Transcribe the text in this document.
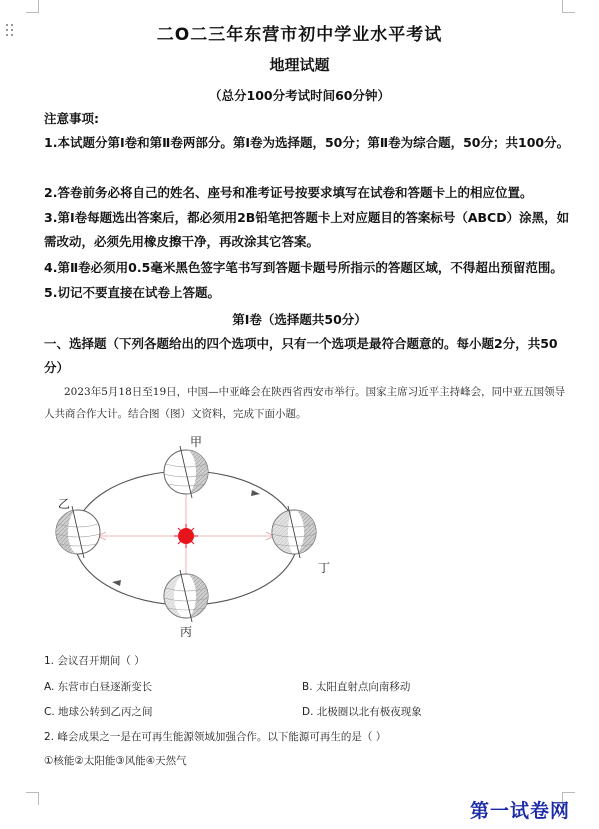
二O二三年东营市初中学业水平考试
地理试题
（总分100分考试时间60分钟）
注意事项:
1.本试题分第Ⅰ卷和第Ⅱ卷两部分。第Ⅰ卷为选择题，50分；第Ⅱ卷为综合题，50分；共100分。
2.答卷前务必将自己的姓名、座号和准考证号按要求填写在试卷和答题卡上的相应位置。
3.第Ⅰ卷每题选出答案后，都必须用2B铅笔把答题卡上对应题目的答案标号（ABCD）涂黑，如需改动，必须先用橡皮擦干净，再改涂其它答案。
4.第Ⅱ卷必须用0.5毫米黑色签字笔书写到答题卡题号所指示的答题区域，不得超出预留范围。
5.切记不要直接在试卷上答题。
第Ⅰ卷（选择题共50分）
一、选择题（下列各题给出的四个选项中，只有一个选项是最符合题意的。每小题2分，共50分）
2023年5月18日至19日，中国—中亚峰会在陕西省西安市举行。国家主席习近平主持峰会，同中亚五国领导人共商合作大计。结合图（图）文资料，完成下面小题。
甲
乙
丁
丙
1. 会议召开期间（ ）
A. 东营市白昼逐渐变长	B. 太阳直射点向南移动
C. 地球公转到乙丙之间	D. 北极圈以北有极夜现象
2. 峰会成果之一是在可再生能源领域加强合作。以下能源可再生的是（ ）
①核能②太阳能③风能④天然气
第一试卷网
